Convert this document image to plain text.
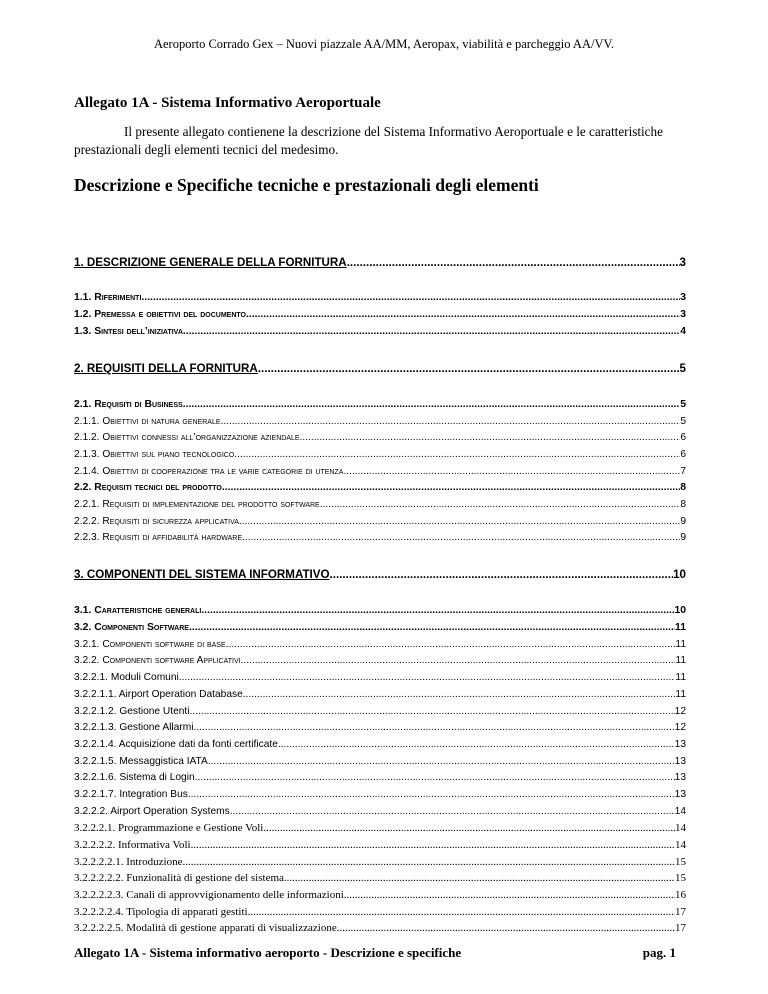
Aeroporto Corrado Gex – Nuovi piazzale AA/MM, Aeropax, viabilità e parcheggio AA/VV.
Allegato 1A - Sistema Informativo Aeroportuale
Il presente allegato contienene la descrizione del Sistema Informativo Aeroportuale e le caratteristiche prestazionali degli elementi tecnici del medesimo.
Descrizione e Specifiche tecniche e prestazionali degli elementi
1. DESCRIZIONE GENERALE DELLA FORNITURA .....	3
1.1. Riferimenti .....	3
1.2. Premessa e obiettivi del documento .....	3
1.3. Sintesi dell’iniziativa .....	4
2. REQUISITI DELLA FORNITURA .....	5
2.1. Requisiti di Business .....	5
2.1.1. Obiettivi di natura generale .....	5
2.1.2. Obiettivi connessi all’organizzazione aziendale .....	6
2.1.3. Obiettivi sul piano tecnologico .....	6
2.1.4. Obiettivi di cooperazione tra le varie categorie di utenza .....	7
2.2. Requisiti tecnici del prodotto .....	8
2.2.1. Requisiti di implementazione del prodotto software .....	8
2.2.2. Requisiti di sicurezza applicativa .....	9
2.2.3. Requisiti di affidabilità hardware .....	9
3. COMPONENTI DEL SISTEMA INFORMATIVO .....	10
3.1. Caratteristiche generali .....	10
3.2. Componenti Software .....	11
3.2.1. Componenti software di base .....	11
3.2.2. Componenti software Applicativi .....	11
3.2.2.1. Moduli Comuni .....	11
3.2.2.1.1. Airport Operation Database .....	11
3.2.2.1.2. Gestione Utenti .....	12
3.2.2.1.3. Gestione Allarmi .....	12
3.2.2.1.4. Acquisizione dati da fonti certificate .....	13
3.2.2.1.5. Messaggistica IATA .....	13
3.2.2.1.6. Sistema di Login .....	13
3.2.2.1.7. Integration Bus .....	13
3.2.2.2. Airport Operation Systems .....	14
3.2.2.2.1. Programmazione e Gestione Voli .....	14
3.2.2.2.2. Informativa Voli .....	14
3.2.2.2.2.1. Introduzione .....	15
3.2.2.2.2.2. Funzionalità di gestione del sistema .....	15
3.2.2.2.2.3. Canali di approvvigionamento delle informazioni .....	16
3.2.2.2.2.4. Tipologia di apparati gestiti .....	17
3.2.2.2.2.5. Modalità di gestione apparati di visualizzazione .....	17
Allegato 1A - Sistema informativo aeroporto - Descrizione e specifiche	pag. 1
